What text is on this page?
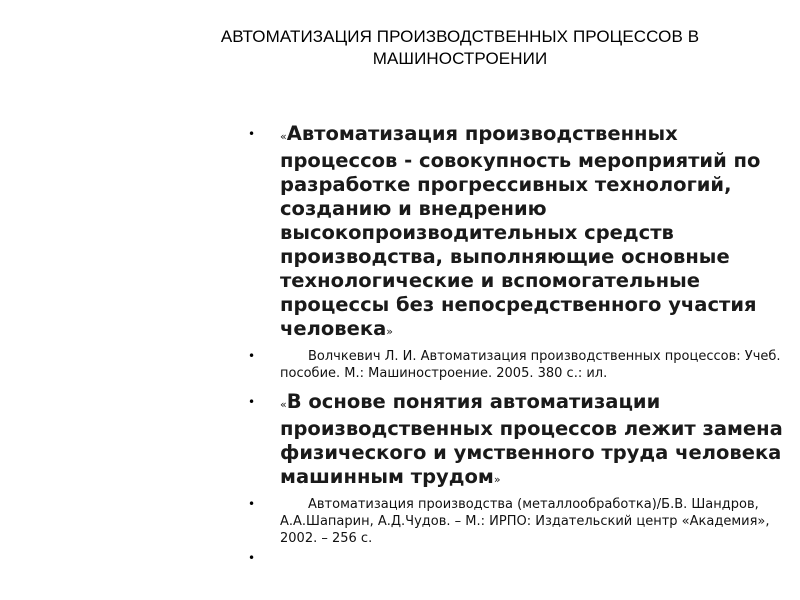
АВТОМАТИЗАЦИЯ ПРОИЗВОДСТВЕННЫХ ПРОЦЕССОВ В
МАШИНОСТРОЕНИИ
• «Автоматизация производственных процессов - совокупность мероприятий по разработке прогрессивных технологий, созданию и внедрению высокопроизводительных средств производства, выполняющие основные технологические и вспомогательные процессы без непосредственного участия человека»
•	Волчкевич Л. И. Автоматизация производственных процессов: Учеб. пособие. М.: Машиностроение. 2005. 380 с.: ил.
• «В основе понятия автоматизации производственных процессов лежит замена физического и умственного труда человека машинным трудом»
•	Автоматизация производства (металлообработка)/Б.В. Шандров, А.А.Шапарин, А.Д.Чудов. – М.: ИРПО: Издательский центр «Академия», 2002. – 256 с.
•
